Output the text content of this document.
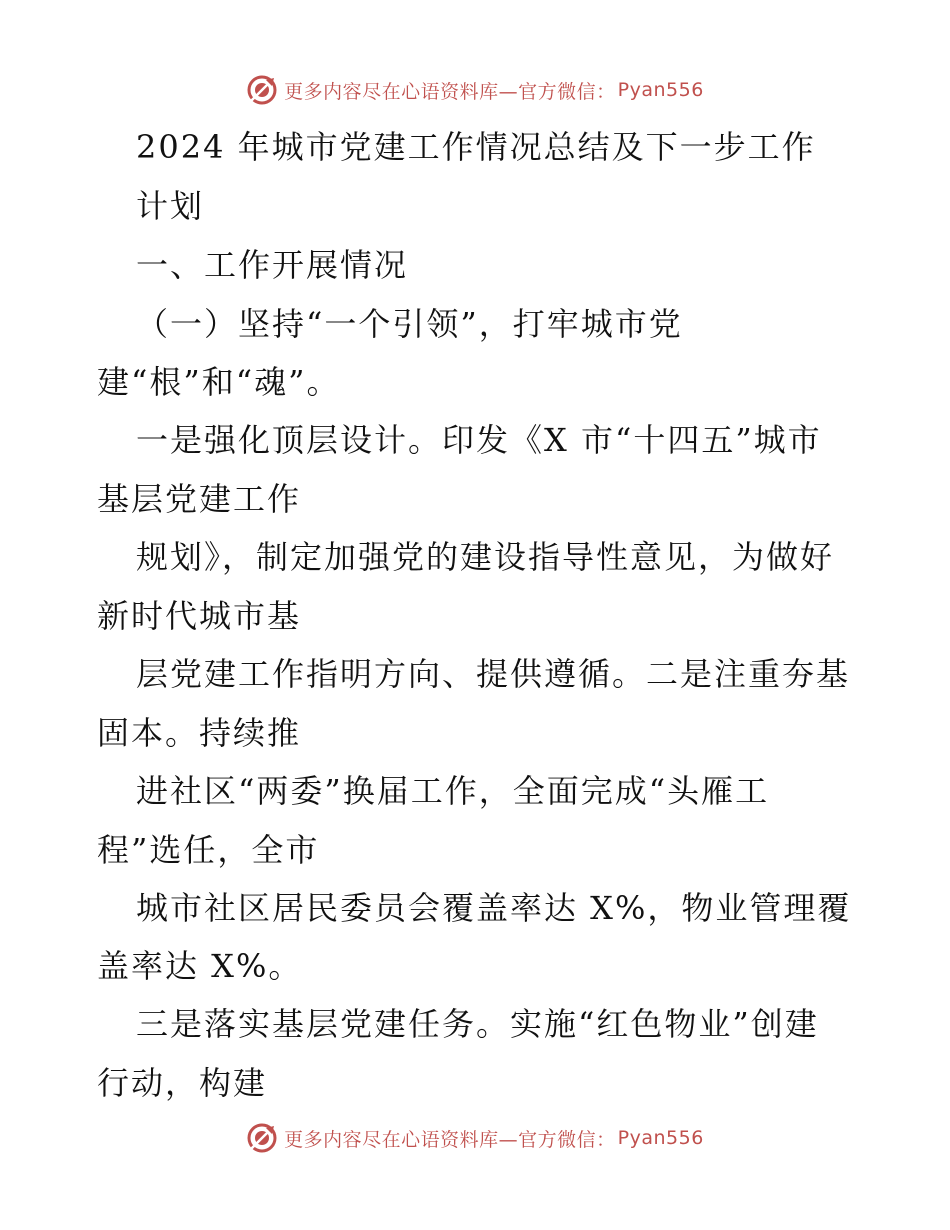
更多内容尽在心语资料库—官方微信： Pyan556
2024 年城市党建工作情况总结及下一步工作
计划
一、工作开展情况
（一）坚持“一个引领”，打牢城市党
建“根”和“魂”。
一是强化顶层设计。印发《X 市“十四五”城市
基层党建工作
规划》，制定加强党的建设指导性意见，为做好
新时代城市基
层党建工作指明方向、提供遵循。二是注重夯基
固本。持续推
进社区“两委”换届工作，全面完成“头雁工
程”选任，全市
城市社区居民委员会覆盖率达 X%，物业管理覆
盖率达 X%。
三是落实基层党建任务。实施“红色物业”创建
行动，构建
更多内容尽在心语资料库—官方微信： Pyan556
